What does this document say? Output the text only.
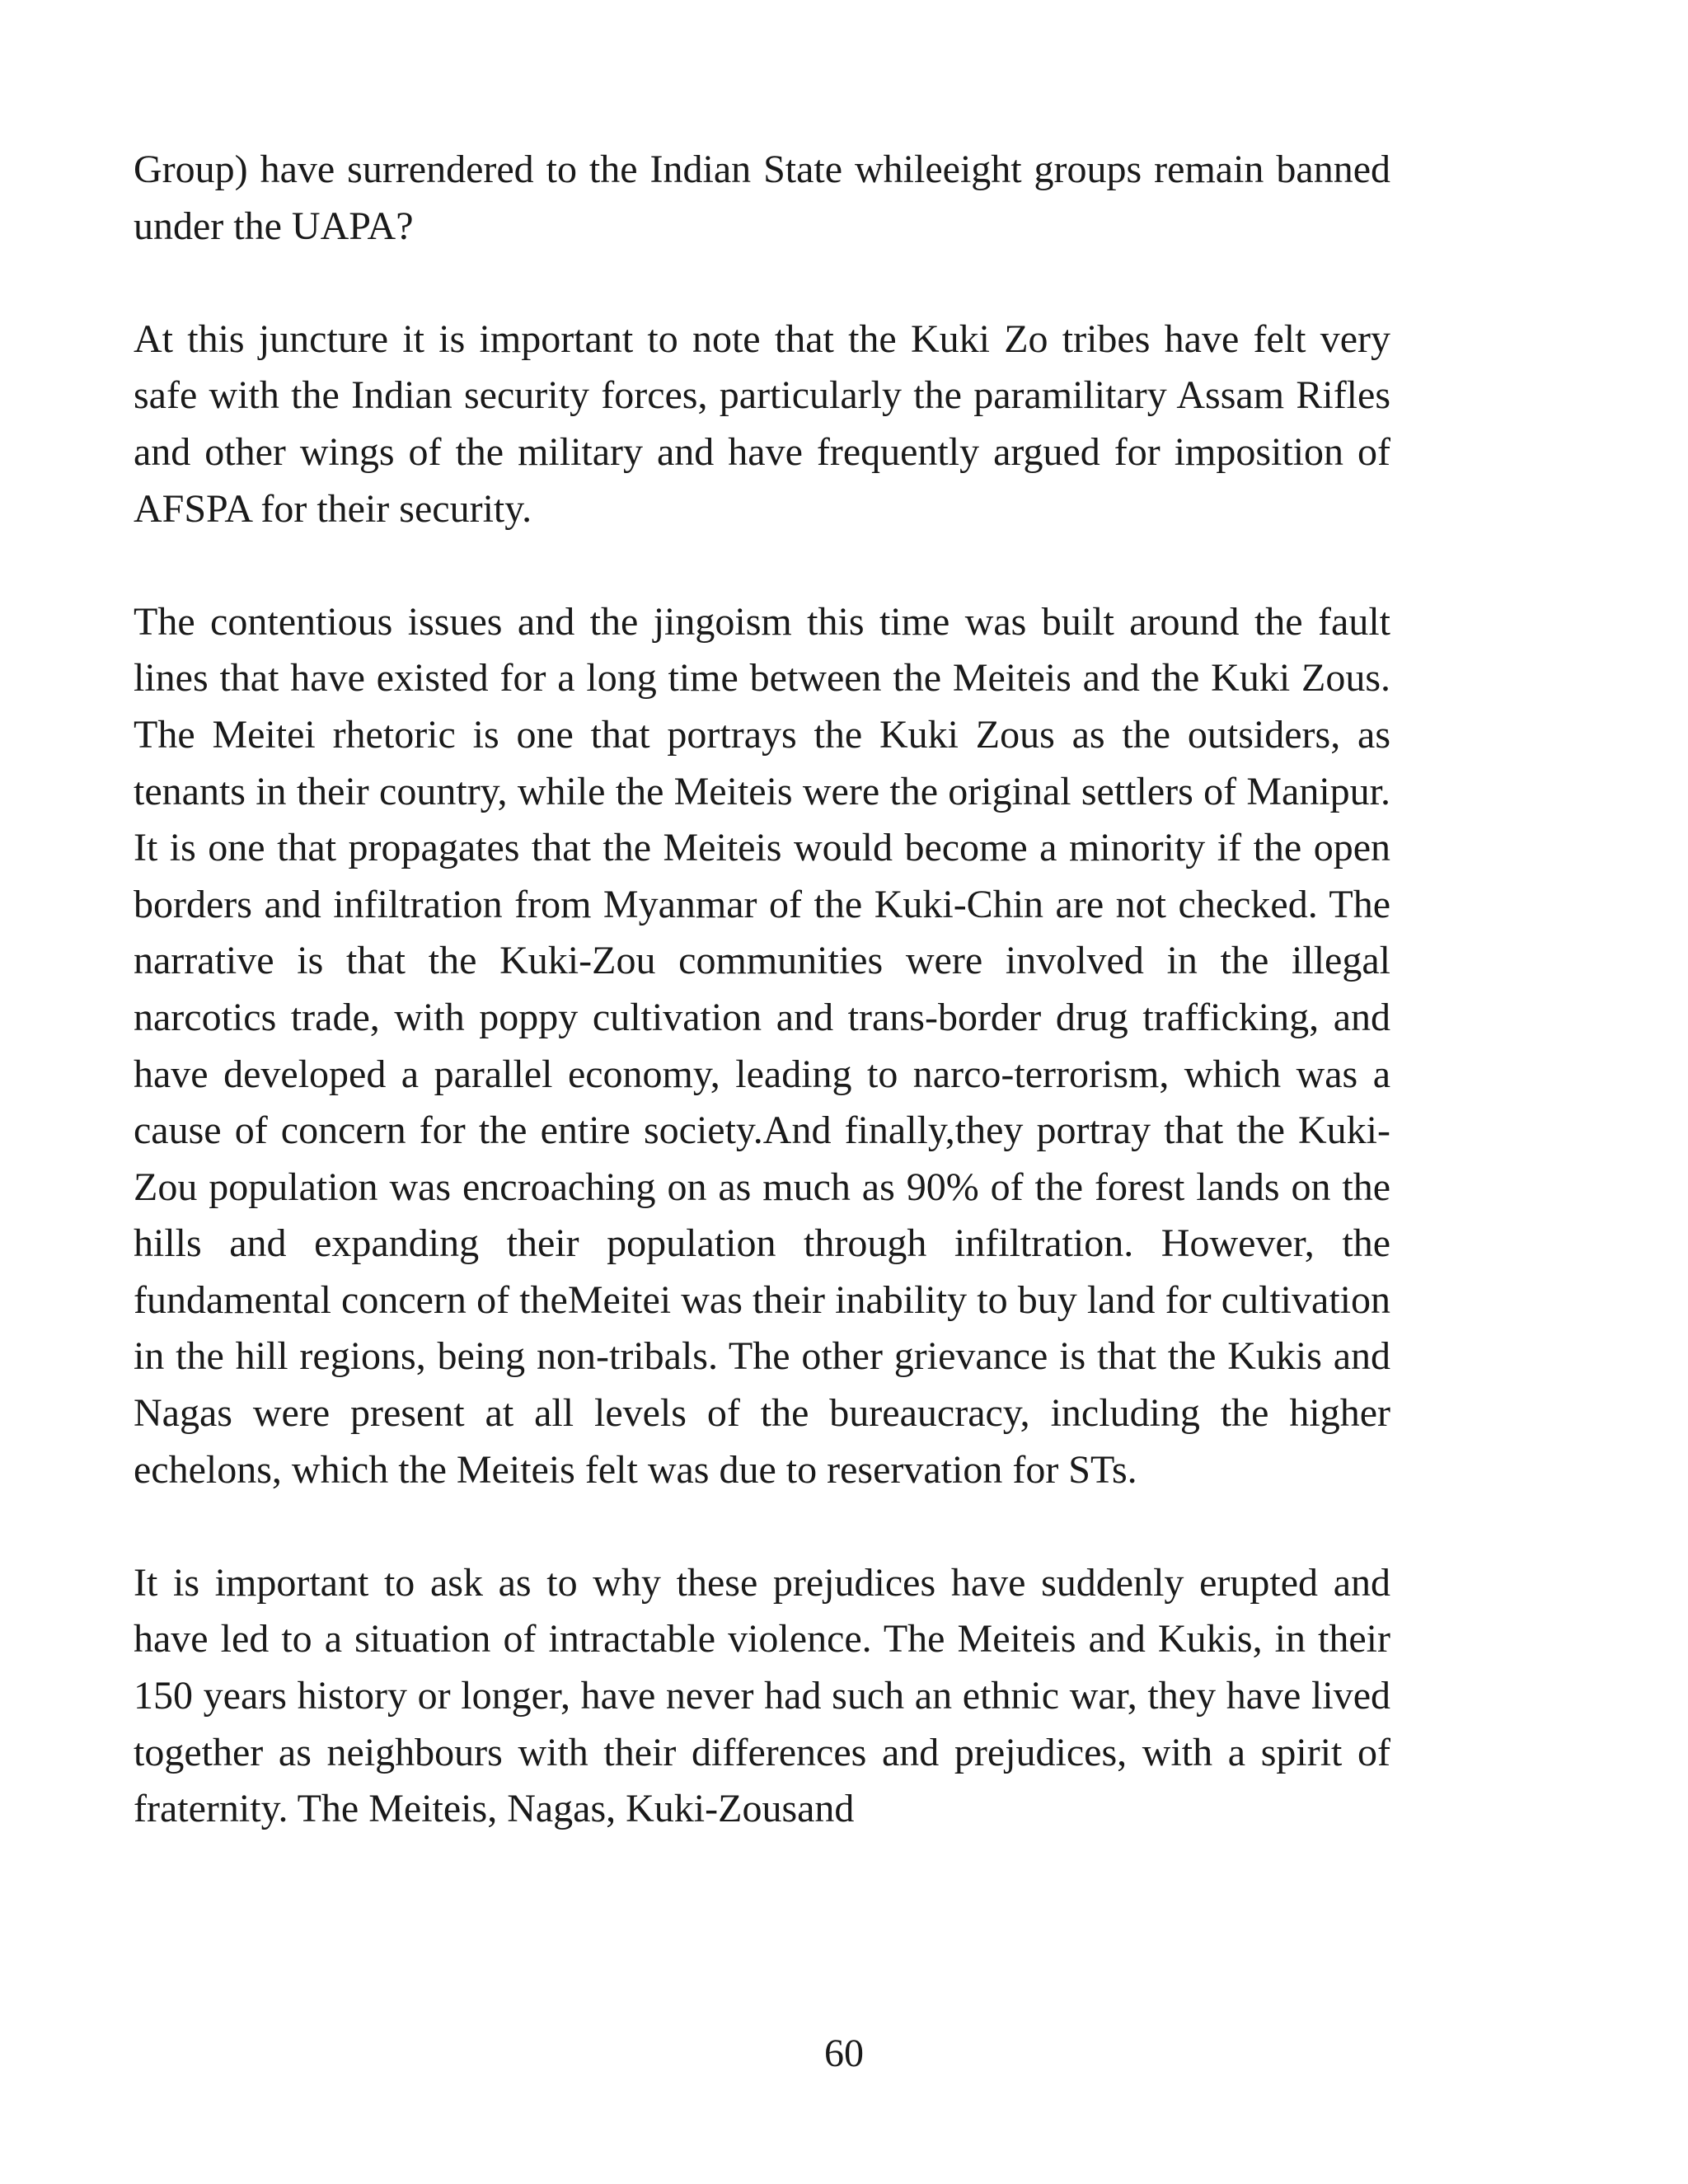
Group) have surrendered to the Indian State whileeight groups remain banned under the UAPA?

At this juncture it is important to note that the Kuki Zo tribes have felt very safe with the Indian security forces, particularly the paramilitary Assam Rifles and other wings of the military and have frequently argued for imposition of AFSPA for their security.

The contentious issues and the jingoism this time was built around the fault lines that have existed for a long time between the Meiteis and the Kuki Zous. The Meitei rhetoric is one that portrays the Kuki Zous as the outsiders, as tenants in their country, while the Meiteis were the original settlers of Manipur. It is one that propagates that the Meiteis would become a minority if the open borders and infiltration from Myanmar of the Kuki-Chin are not checked. The narrative is that the Kuki-Zou communities were involved in the illegal narcotics trade, with poppy cultivation and trans-border drug trafficking, and have developed a parallel economy, leading to narco-terrorism, which was a cause of concern for the entire society.And finally,they portray that the Kuki-Zou population was encroaching on as much as 90% of the forest lands on the hills and expanding their population through infiltration. However, the fundamental concern of theMeitei was their inability to buy land for cultivation in the hill regions, being non-tribals. The other grievance is that the Kukis and Nagas were present at all levels of the bureaucracy, including the higher echelons, which the Meiteis felt was due to reservation for STs.

It is important to ask as to why these prejudices have suddenly erupted and have led to a situation of intractable violence. The Meiteis and Kukis, in their 150 years history or longer, have never had such an ethnic war, they have lived together as neighbours with their differences and prejudices, with a spirit of fraternity. The Meiteis, Nagas, Kuki-Zousand

60
